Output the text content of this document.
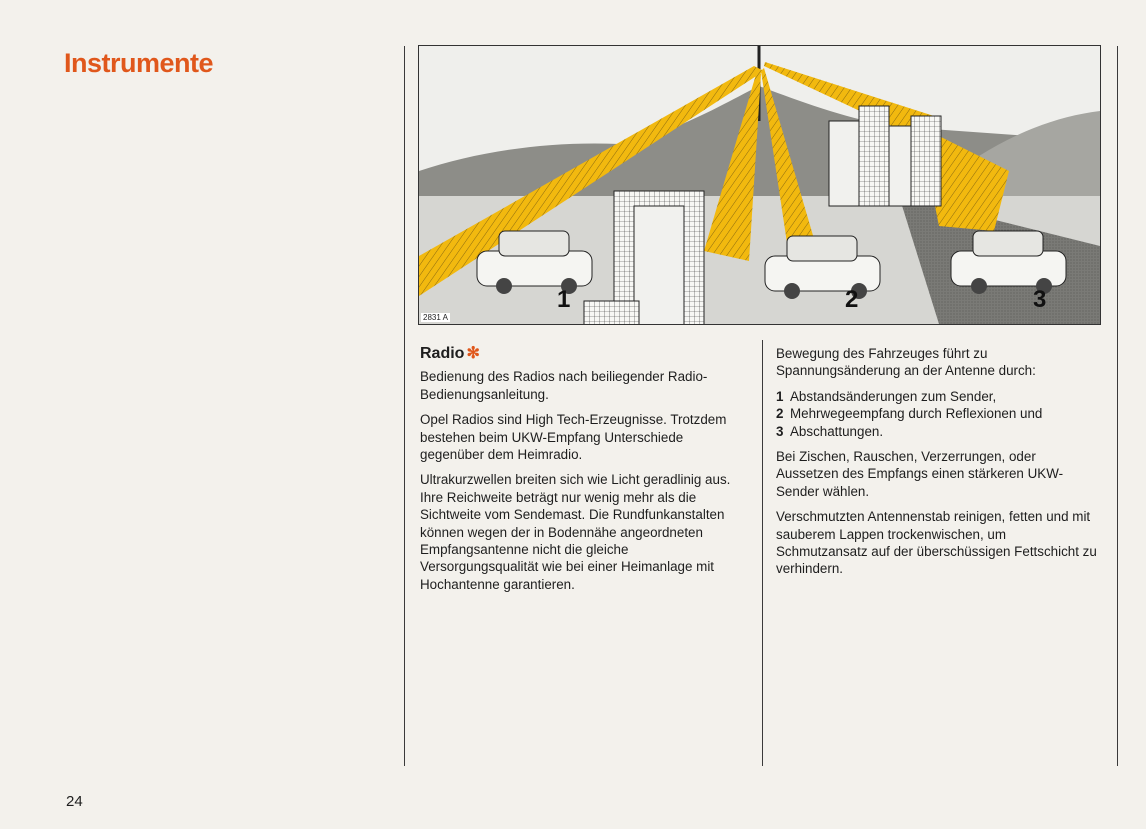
Instrumente
1	2	3
2831 A
Radio ✻

Bedienung des Radios nach beiliegender Radio-Bedienungsanleitung.

Opel Radios sind High Tech-Erzeugnisse. Trotzdem bestehen beim UKW-Empfang Unterschiede gegenüber dem Heimradio.

Ultrakurzwellen breiten sich wie Licht geradlinig aus. Ihre Reichweite beträgt nur wenig mehr als die Sichtweite vom Sendemast. Die Rundfunkanstalten können wegen der in Bodennähe angeordneten Empfangsantenne nicht die gleiche Versorgungsqualität wie bei einer Heimanlage mit Hochantenne garantieren.

Bewegung des Fahrzeuges führt zu Spannungsänderung an der Antenne durch:

1 Abstandsänderungen zum Sender,
2 Mehrwegeempfang durch Reflexionen und
3 Abschattungen.

Bei Zischen, Rauschen, Verzerrungen, oder Aussetzen des Empfangs einen stärkeren UKW-Sender wählen.

Verschmutzten Antennenstab reinigen, fetten und mit sauberem Lappen trockenwischen, um Schmutzansatz auf der überschüssigen Fettschicht zu verhindern.

24
